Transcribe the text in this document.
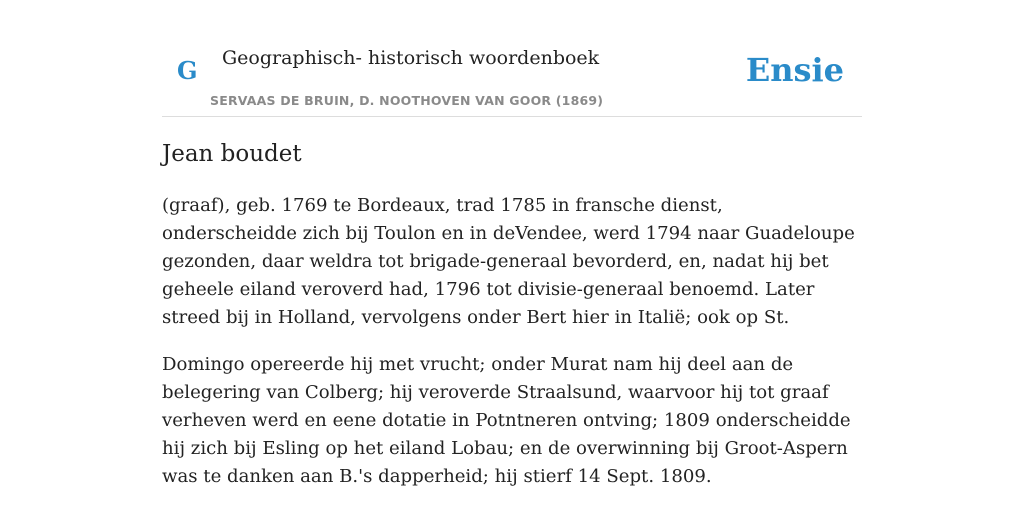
G Geographisch- historisch woordenboek
SERVAAS DE BRUIN, D. NOOTHOVEN VAN GOOR (1869)
Ensie
Jean boudet

(graaf), geb. 1769 te Bordeaux, trad 1785 in fransche dienst, onderscheidde zich bij Toulon en in deVendee, werd 1794 naar Guadeloupe gezonden, daar weldra tot brigade-generaal bevorderd, en, nadat hij bet geheele eiland veroverd had, 1796 tot divisie-generaal benoemd. Later streed bij in Holland, vervolgens onder Bert hier in Italië; ook op St.

Domingo opereerde hij met vrucht; onder Murat nam hij deel aan de belegering van Colberg; hij veroverde Straalsund, waarvoor hij tot graaf verheven werd en eene dotatie in Potntneren ontving; 1809 onderscheidde hij zich bij Esling op het eiland Lobau; en de overwinning bij Groot-Aspern was te danken aan B.'s dapperheid; hij stierf 14 Sept. 1809.
